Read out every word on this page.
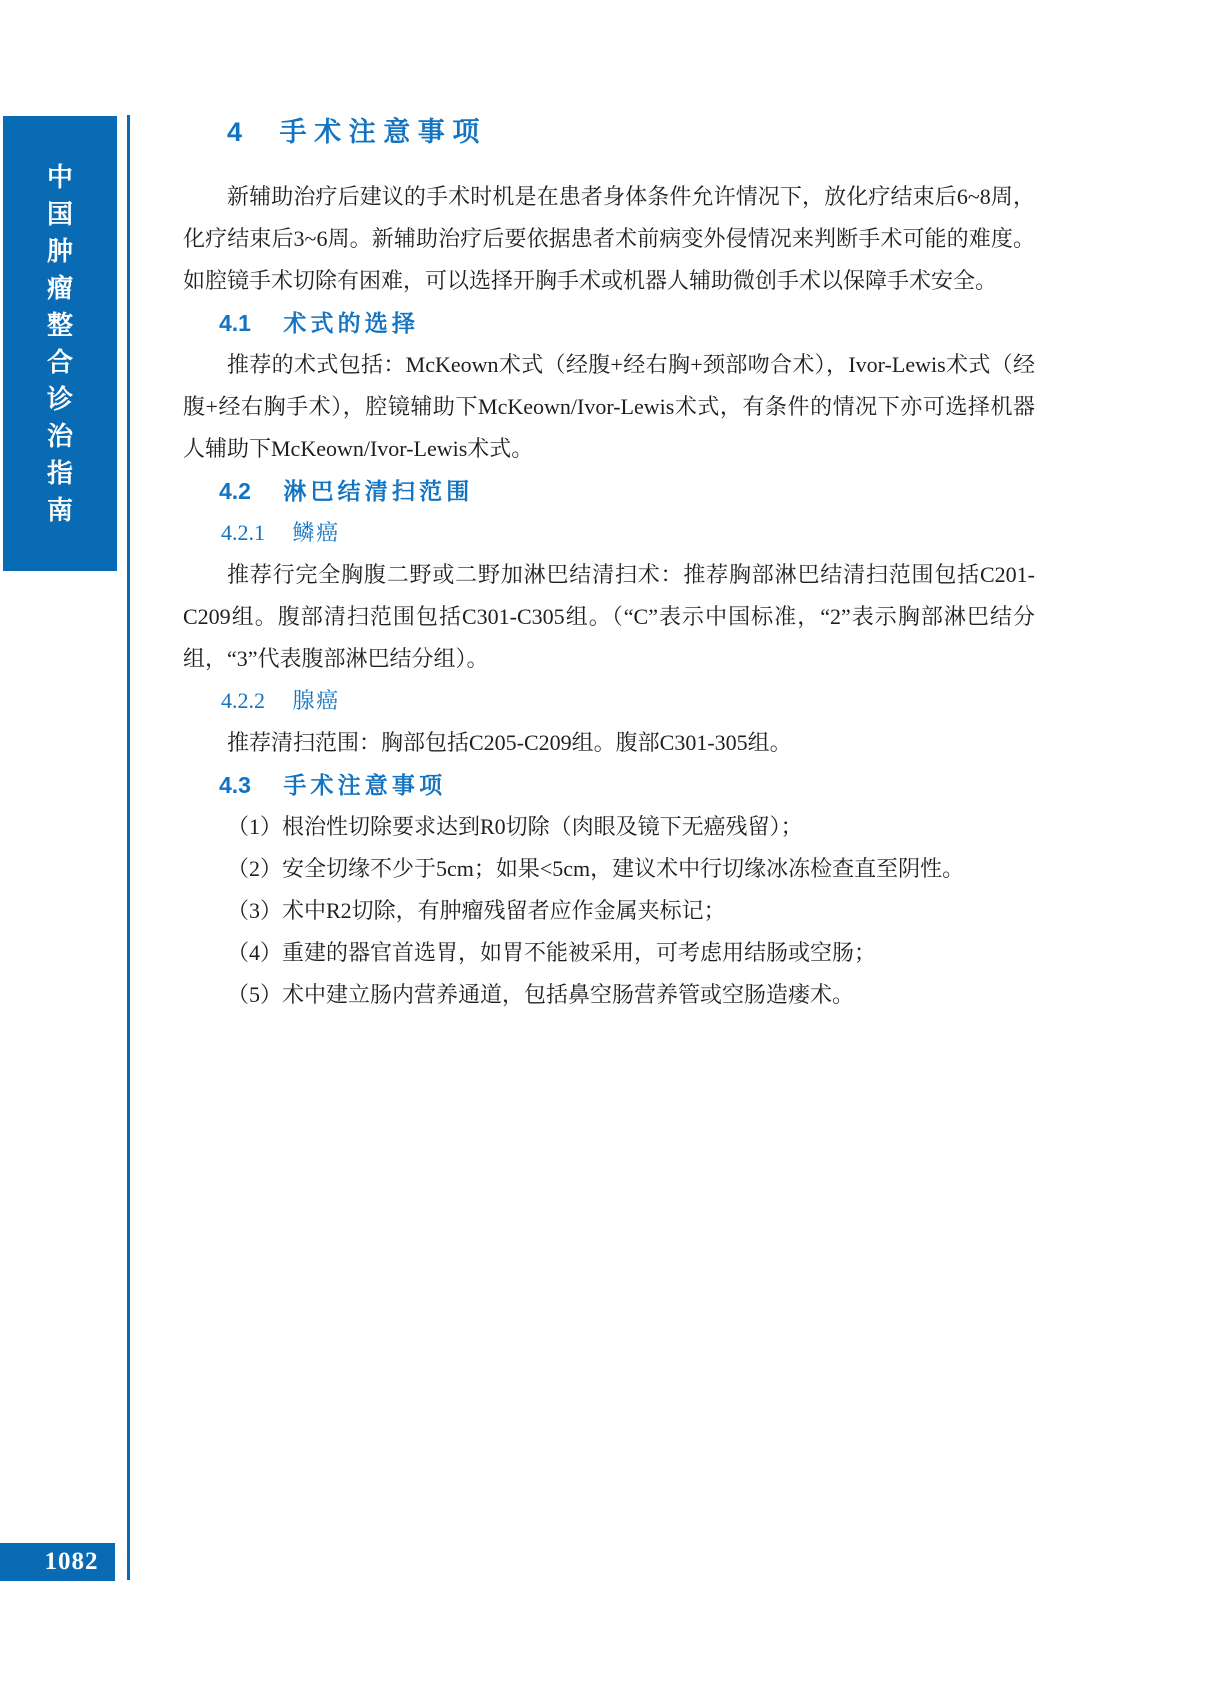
中
国
肿
瘤
整
合
诊
治
指
南
1082
4 手术注意事项

新辅助治疗后建议的手术时机是在患者身体条件允许情况下，放化疗结束后6~8周，化疗结束后3~6周。新辅助治疗后要依据患者术前病变外侵情况来判断手术可能的难度。如腔镜手术切除有困难，可以选择开胸手术或机器人辅助微创手术以保障手术安全。

4.1 术式的选择

推荐的术式包括：McKeown术式（经腹+经右胸+颈部吻合术），Ivor-Lewis术式（经腹+经右胸手术），腔镜辅助下McKeown/Ivor-Lewis术式，有条件的情况下亦可选择机器人辅助下McKeown/Ivor-Lewis术式。

4.2 淋巴结清扫范围
4.2.1 鳞癌

推荐行完全胸腹二野或二野加淋巴结清扫术：推荐胸部淋巴结清扫范围包括C201-C209组。腹部清扫范围包括C301-C305组。（“C”表示中国标准，“2”表示胸部淋巴结分组，“3”代表腹部淋巴结分组）。

4.2.2 腺癌

推荐清扫范围：胸部包括C205-C209组。腹部C301-305组。

4.3 手术注意事项

（1）根治性切除要求达到R0切除（肉眼及镜下无癌残留）；

（2）安全切缘不少于5cm；如果<5cm，建议术中行切缘冰冻检查直至阴性。

（3）术中R2切除，有肿瘤残留者应作金属夹标记；

（4）重建的器官首选胃，如胃不能被采用，可考虑用结肠或空肠；

（5）术中建立肠内营养通道，包括鼻空肠营养管或空肠造瘘术。
